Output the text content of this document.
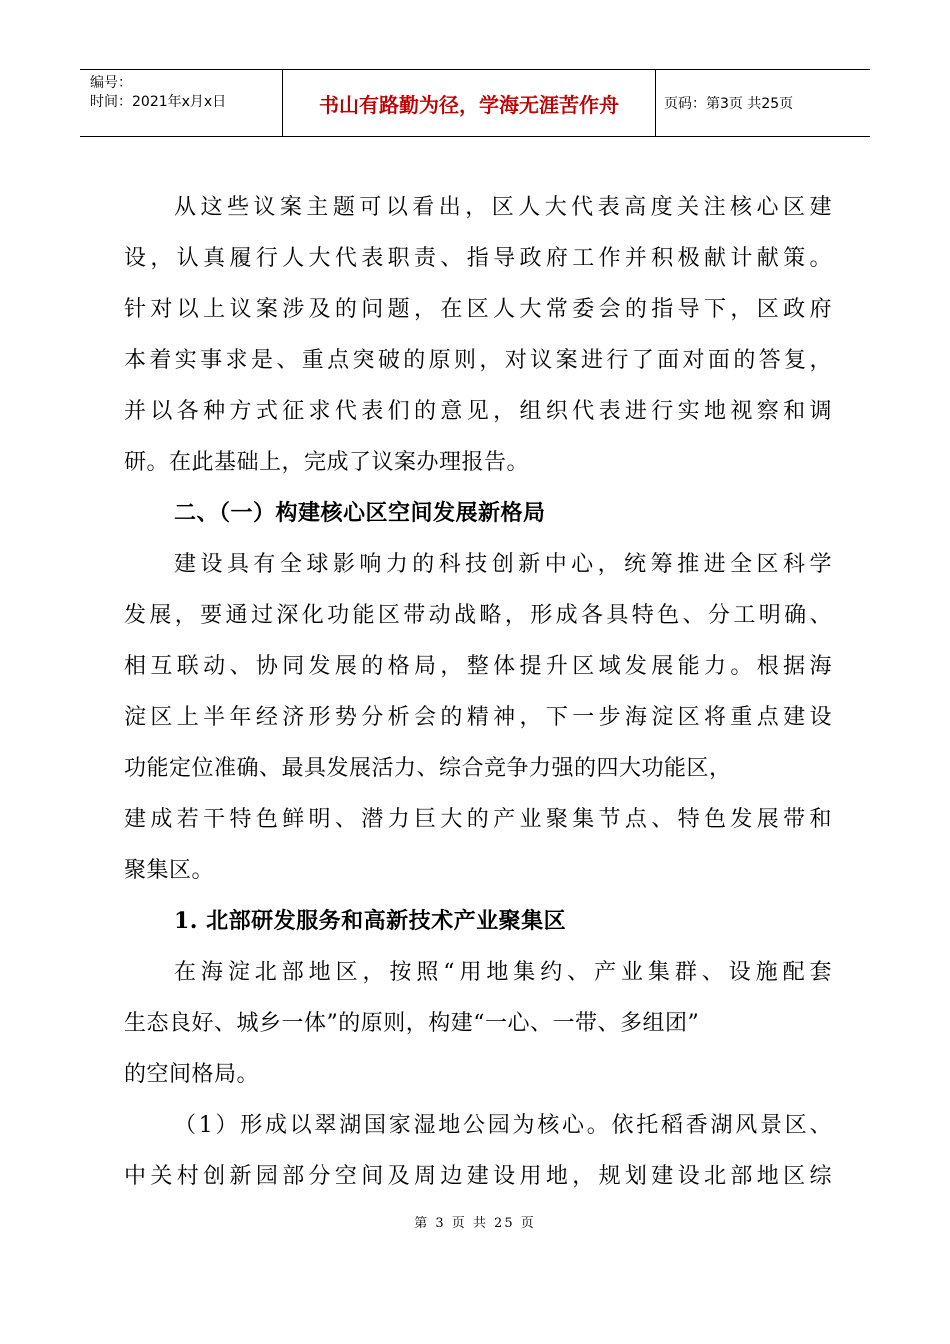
编号：
时间：2021年x月x日	书山有路勤为径，学海无涯苦作舟	页码：第3页 共25页
从这些议案主题可以看出，区人大代表高度关注核心区建
设，认真履行人大代表职责、指导政府工作并积极献计献策。
针对以上议案涉及的问题，在区人大常委会的指导下，区政府
本着实事求是、重点突破的原则，对议案进行了面对面的答复，
并以各种方式征求代表们的意见，组织代表进行实地视察和调
研。在此基础上，完成了议案办理报告。
二、（一）构建核心区空间发展新格局
建设具有全球影响力的科技创新中心，统筹推进全区科学
发展，要通过深化功能区带动战略，形成各具特色、分工明确、
相互联动、协同发展的格局，整体提升区域发展能力。根据海
淀区上半年经济形势分析会的精神，下一步海淀区将重点建设
功能定位准确、最具发展活力、综合竞争力强的四大功能区，
建成若干特色鲜明、潜力巨大的产业聚集节点、特色发展带和
聚集区。
1. 北部研发服务和高新技术产业聚集区
在海淀北部地区，按照“用地集约、产业集群、设施配套
生态良好、城乡一体”的原则，构建“一心、一带、多组团”
的空间格局。
（1）形成以翠湖国家湿地公园为核心。依托稻香湖风景区、
中关村创新园部分空间及周边建设用地，规划建设北部地区综
第 3 页 共 25 页
